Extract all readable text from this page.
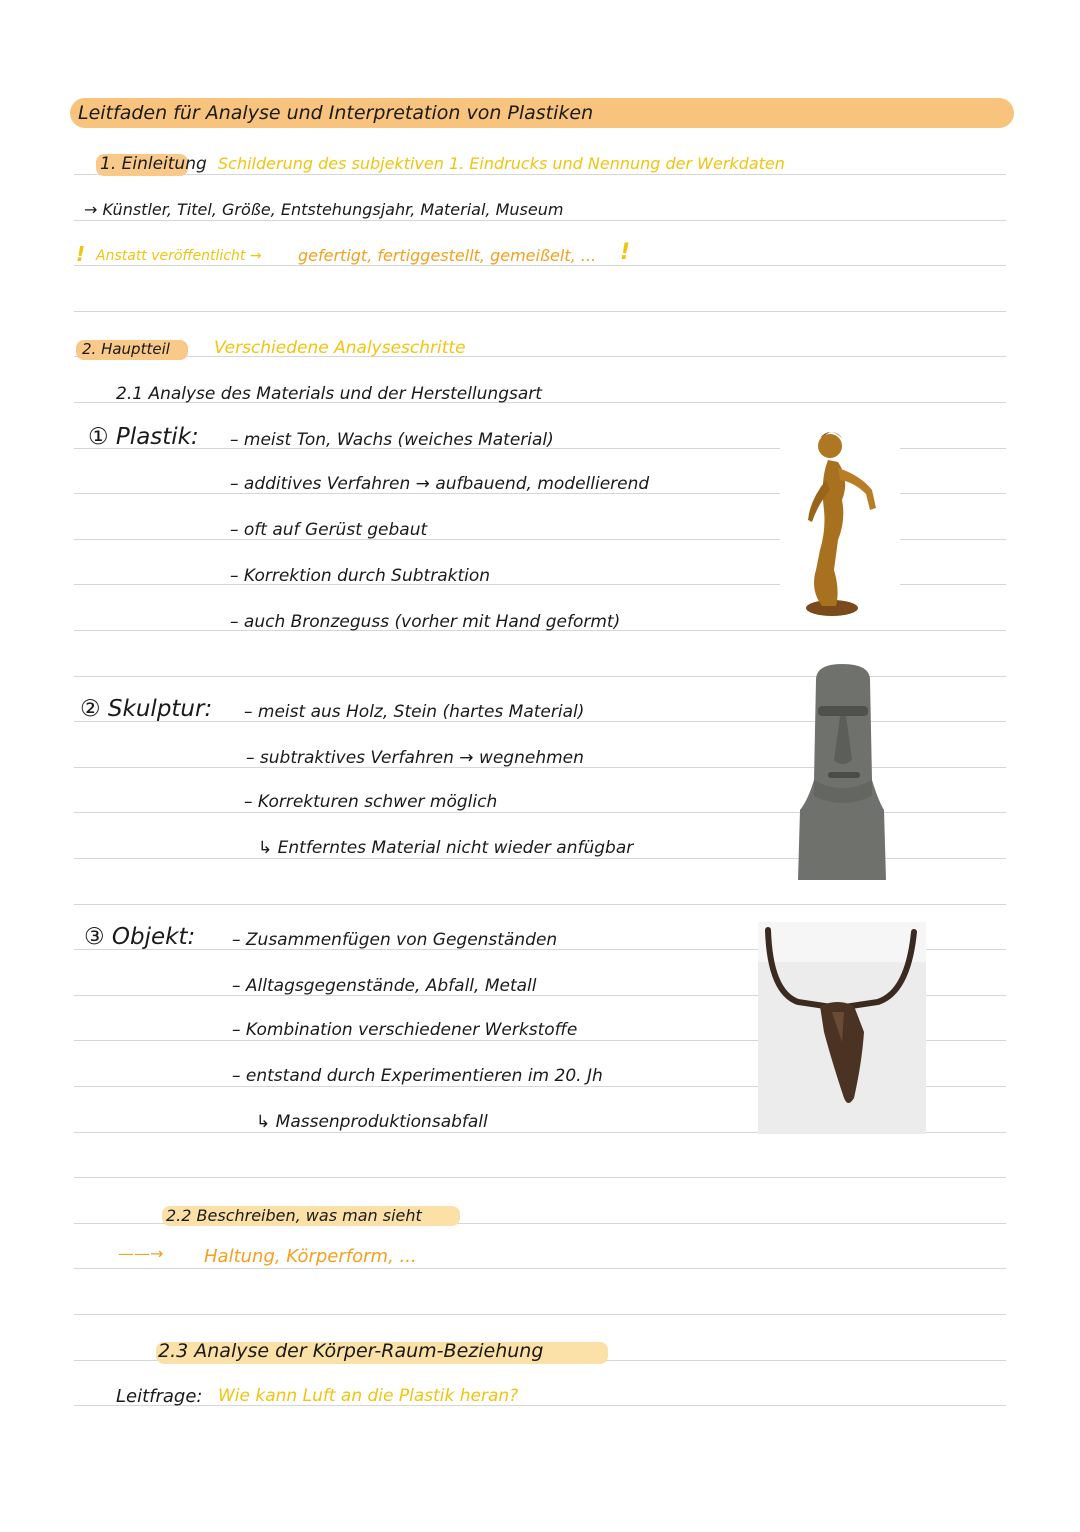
Leitfaden für Analyse und Interpretation von Plastiken
1. Einleitung Schilderung des subjektiven 1. Eindrucks und Nennung der Werkdaten
→ Künstler, Titel, Größe, Entstehungsjahr, Material, Museum
! Anstatt veröffentlicht → gefertigt, fertiggestellt, gemeißelt, ... !
2. Hauptteil	Verschiedene Analyseschritte
2.1 Analyse des Materials und der Herstellungsart
① Plastik: – meist Ton, Wachs (weiches Material)
– additives Verfahren → aufbauend, modellierend
– oft auf Gerüst gebaut
– Korrektion durch Subtraktion
– auch Bronzeguss (vorher mit Hand geformt)
② Skulptur: – meist aus Holz, Stein (hartes Material)
– subtraktives Verfahren → wegnehmen
– Korrekturen schwer möglich
↳ Entferntes Material nicht wieder anfügbar
③ Objekt: – Zusammenfügen von Gegenständen
– Alltagsgegenstände, Abfall, Metall
– Kombination verschiedener Werkstoffe
– entstand durch Experimentieren im 20. Jh
↳ Massenproduktionsabfall
2.2 Beschreiben, was man sieht
——→ Haltung, Körperform, ...
2.3 Analyse der Körper-Raum-Beziehung
Leitfrage: Wie kann Luft an die Plastik heran?
